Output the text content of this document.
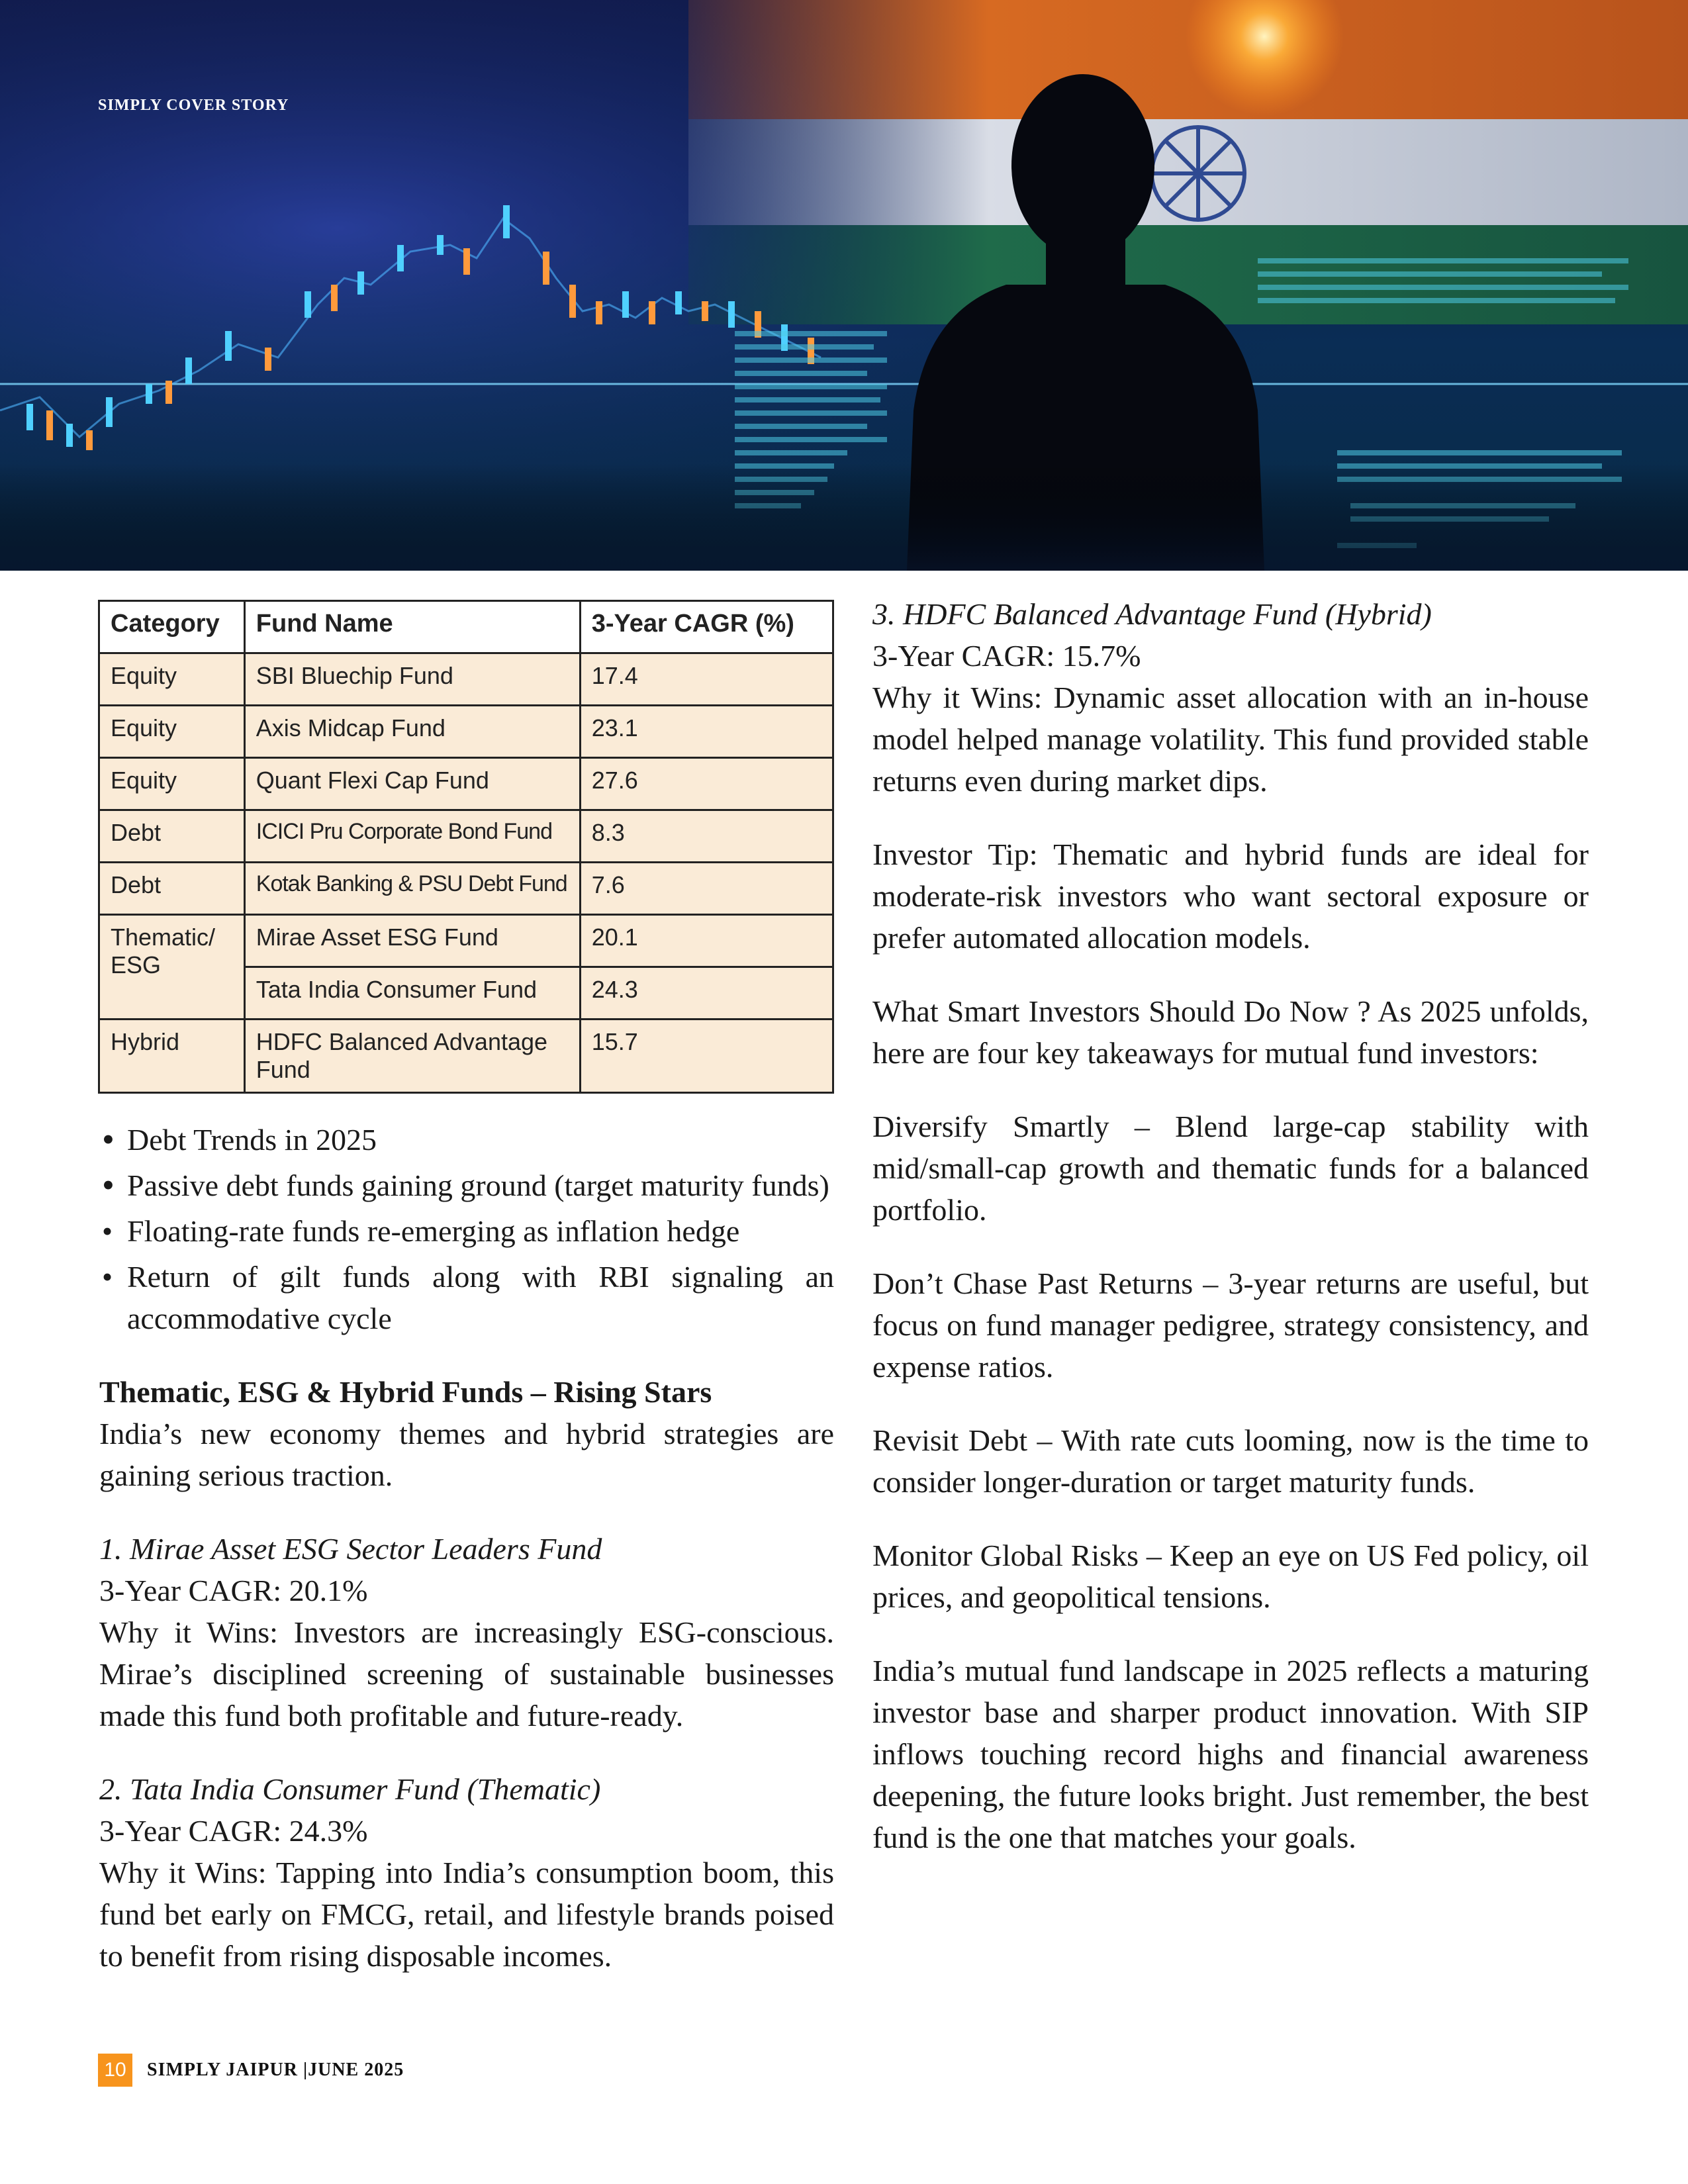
SIMPLY COVER STORY
Category	Fund Name	3-Year CAGR (%)
Equity	SBI Bluechip Fund	17.4
Equity	Axis Midcap Fund	23.1
Equity	Quant Flexi Cap Fund	27.6
Debt	ICICI Pru Corporate Bond Fund	8.3
Debt	Kotak Banking & PSU Debt Fund	7.6
Thematic/ ESG	Mirae Asset ESG Fund	20.1
	Tata India Consumer Fund	24.3
Hybrid	HDFC Balanced Advantage Fund	15.7
• Debt Trends in 2025
• Passive debt funds gaining ground (target maturity funds)
• Floating-rate funds re-emerging as inflation hedge
• Return of gilt funds along with RBI signaling an accommodative cycle

Thematic, ESG & Hybrid Funds – Rising Stars

India’s new economy themes and hybrid strategies are gaining serious traction.

1. Mirae Asset ESG Sector Leaders Fund

3-Year CAGR: 20.1%

Why it Wins: Investors are increasingly ESG-conscious. Mirae’s disciplined screening of sustainable businesses made this fund both profitable and future-ready.

2. Tata India Consumer Fund (Thematic)

3-Year CAGR: 24.3%

Why it Wins: Tapping into India’s consumption boom, this fund bet early on FMCG, retail, and lifestyle brands poised to benefit from rising disposable incomes.

3. HDFC Balanced Advantage Fund (Hybrid)

3-Year CAGR: 15.7%

Why it Wins: Dynamic asset allocation with an in-house model helped manage volatility. This fund provided stable returns even during market dips.

Investor Tip: Thematic and hybrid funds are ideal for moderate-risk investors who want sectoral exposure or prefer automated allocation models.

What Smart Investors Should Do Now ? As 2025 unfolds, here are four key takeaways for mutual fund investors:

Diversify Smartly – Blend large-cap stability with mid/small-cap growth and thematic funds for a balanced portfolio.

Don’t Chase Past Returns – 3-year returns are useful, but focus on fund manager pedigree, strategy consistency, and expense ratios.

Revisit Debt – With rate cuts looming, now is the time to consider longer-duration or target maturity funds.

Monitor Global Risks – Keep an eye on US Fed policy, oil prices, and geopolitical tensions.

India’s mutual fund landscape in 2025 reflects a maturing investor base and sharper product innovation. With SIP inflows touching record highs and financial awareness deepening, the future looks bright. Just remember, the best fund is the one that matches your goals.

10	SIMPLY JAIPUR |JUNE 2025
